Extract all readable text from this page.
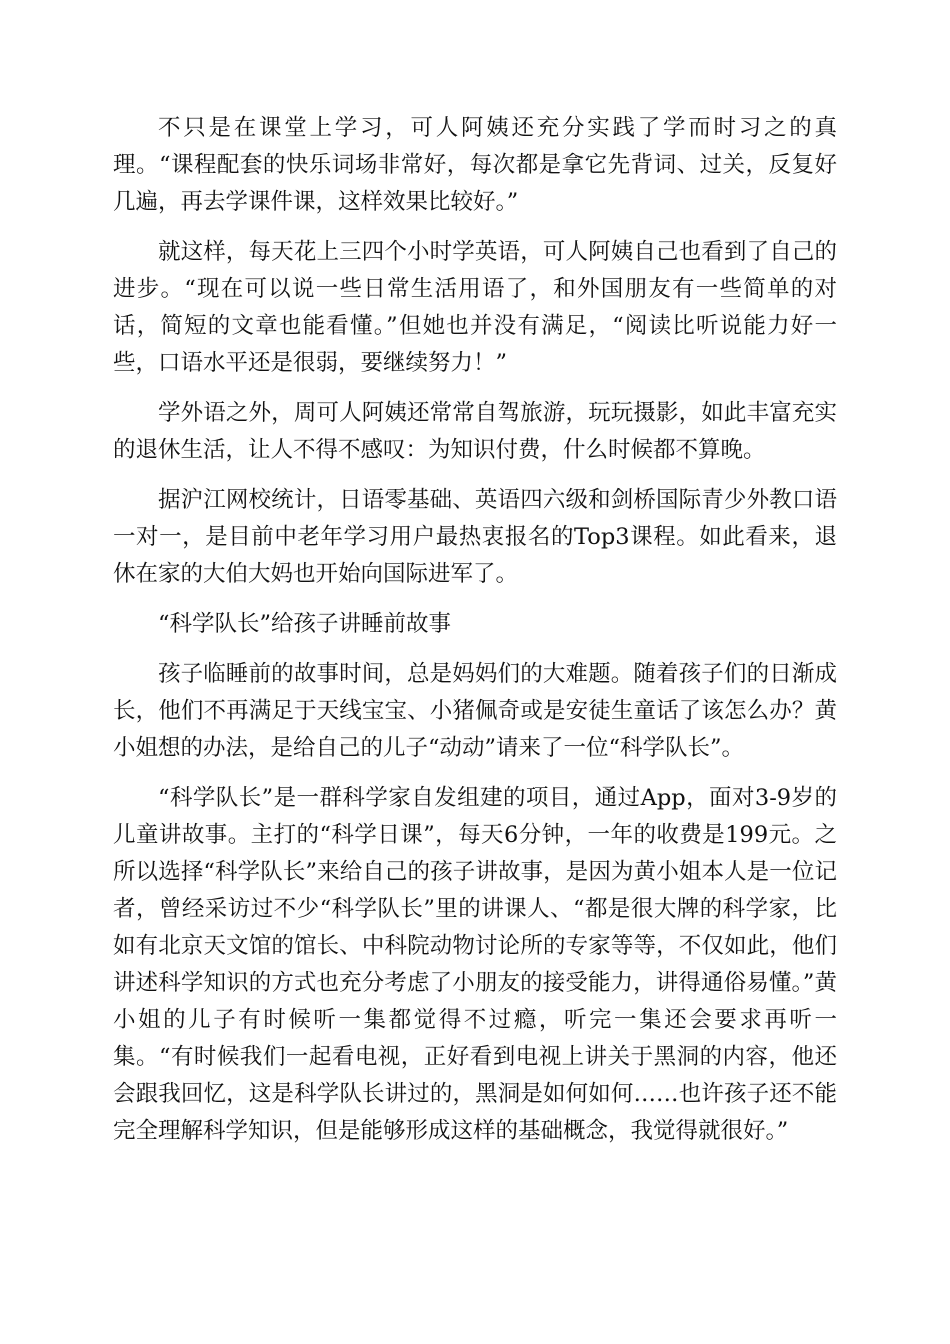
不只是在课堂上学习，可人阿姨还充分实践了学而时习之的真理。“课程配套的快乐词场非常好，每次都是拿它先背词、过关，反复好几遍，再去学课件课，这样效果比较好。”

就这样，每天花上三四个小时学英语，可人阿姨自己也看到了自己的进步。“现在可以说一些日常生活用语了，和外国朋友有一些简单的对话，简短的文章也能看懂。”但她也并没有满足，“阅读比听说能力好一些，口语水平还是很弱，要继续努力！”

学外语之外，周可人阿姨还常常自驾旅游，玩玩摄影，如此丰富充实的退休生活，让人不得不感叹：为知识付费，什么时候都不算晚。

据沪江网校统计，日语零基础、英语四六级和剑桥国际青少外教口语一对一，是目前中老年学习用户最热衷报名的Top3课程。如此看来，退休在家的大伯大妈也开始向国际进军了。

“科学队长”给孩子讲睡前故事

孩子临睡前的故事时间，总是妈妈们的大难题。随着孩子们的日渐成长，他们不再满足于天线宝宝、小猪佩奇或是安徒生童话了该怎么办？黄小姐想的办法，是给自己的儿子“动动”请来了一位“科学队长”。

“科学队长”是一群科学家自发组建的项目，通过App，面对3-9岁的儿童讲故事。主打的“科学日课”，每天6分钟，一年的收费是199元。之所以选择“科学队长”来给自己的孩子讲故事，是因为黄小姐本人是一位记者，曾经采访过不少“科学队长”里的讲课人、“都是很大牌的科学家，比如有北京天文馆的馆长、中科院动物讨论所的专家等等，不仅如此，他们讲述科学知识的方式也充分考虑了小朋友的接受能力，讲得通俗易懂。”黄小姐的儿子有时候听一集都觉得不过瘾，听完一集还会要求再听一集。“有时候我们一起看电视，正好看到电视上讲关于黑洞的内容，他还会跟我回忆，这是科学队长讲过的，黑洞是如何如何……也许孩子还不能完全理解科学知识，但是能够形成这样的基础概念，我觉得就很好。”
